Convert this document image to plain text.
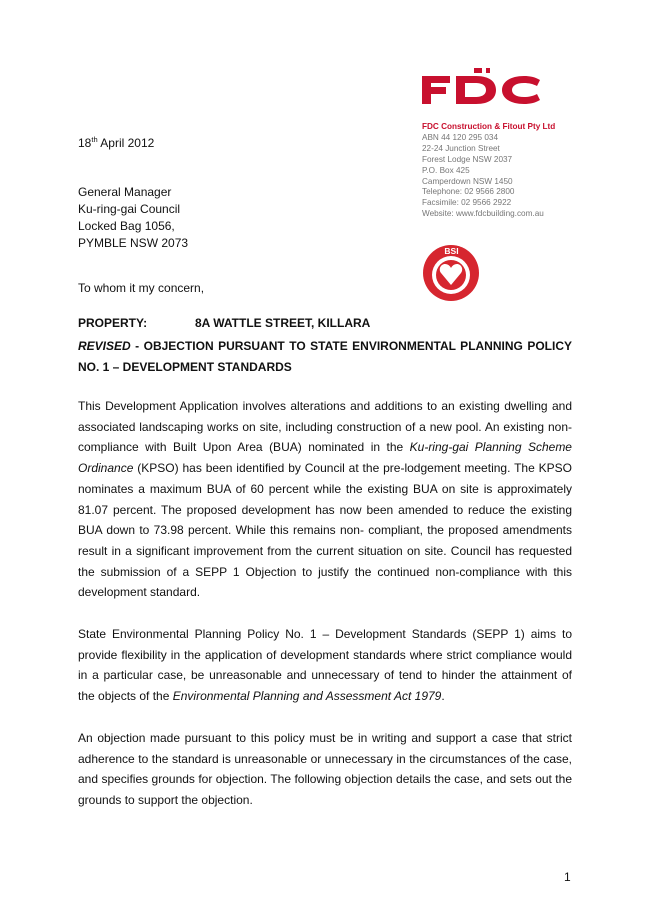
FDC Construction & Fitout Pty Ltd
ABN 44 120 295 034
22-24 Junction Street
Forest Lodge NSW 2037
P.O. Box 425
Camperdown NSW 1450
Telephone: 02 9566 2800
Facsimile: 02 9566 2922
Website: www.fdcbuilding.com.au
BSI
18th April 2012
General Manager
Ku-ring-gai Council
Locked Bag 1056,
PYMBLE NSW 2073
To whom it my concern,
PROPERTY:	8A WATTLE STREET, KILLARA
REVISED - OBJECTION PURSUANT TO STATE ENVIRONMENTAL PLANNING POLICY NO. 1 – DEVELOPMENT STANDARDS
This Development Application involves alterations and additions to an existing dwelling and associated landscaping works on site, including construction of a new pool. An existing non-compliance with Built Upon Area (BUA) nominated in the Ku-ring-gai Planning Scheme Ordinance (KPSO) has been identified by Council at the pre-lodgement meeting. The KPSO nominates a maximum BUA of 60 percent while the existing BUA on site is approximately 81.07 percent. The proposed development has now been amended to reduce the existing BUA down to 73.98 percent. While this remains non- compliant, the proposed amendments result in a significant improvement from the current situation on site. Council has requested the submission of a SEPP 1 Objection to justify the continued non-compliance with this development standard.
State Environmental Planning Policy No. 1 – Development Standards (SEPP 1) aims to provide flexibility in the application of development standards where strict compliance would in a particular case, be unreasonable and unnecessary of tend to hinder the attainment of the objects of the Environmental Planning and Assessment Act 1979.
An objection made pursuant to this policy must be in writing and support a case that strict adherence to the standard is unreasonable or unnecessary in the circumstances of the case, and specifies grounds for objection. The following objection details the case, and sets out the grounds to support the objection.
1
